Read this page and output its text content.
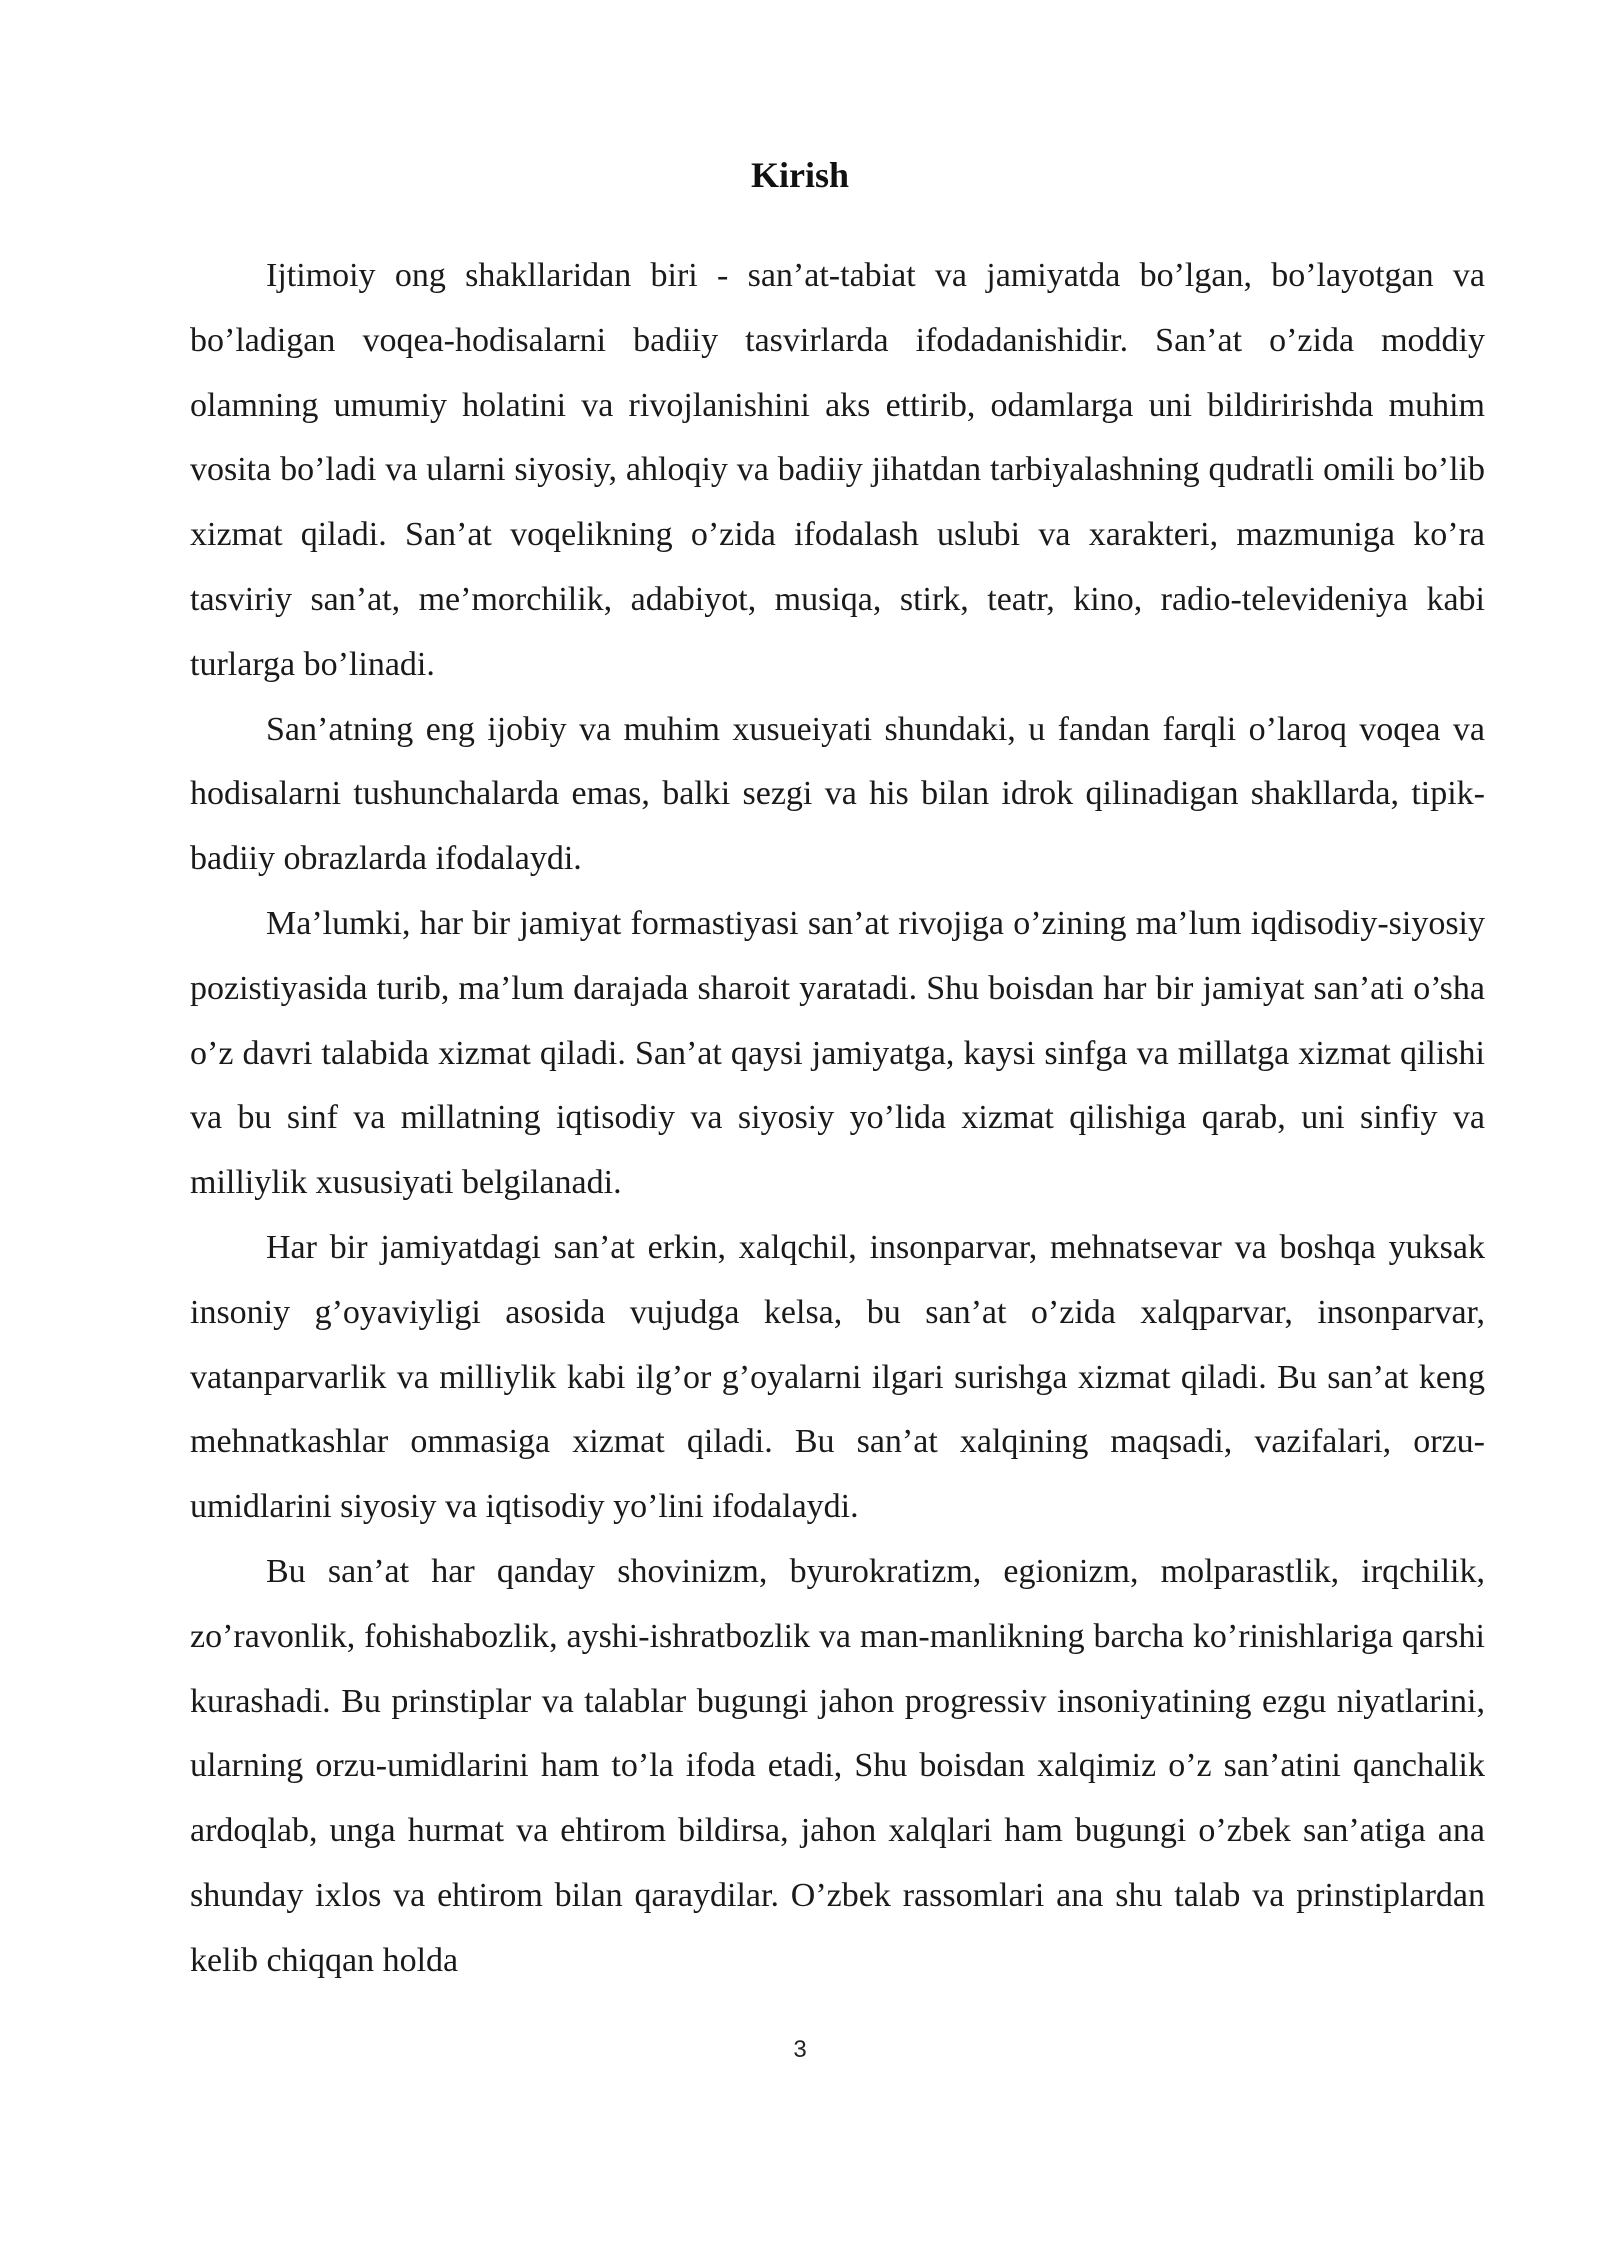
Kirish

Ijtimoiy ong shakllaridan biri - san’at-tabiat va jamiyatda bo’lgan, bo’layotgan va bo’ladigan voqea-hodisalarni badiiy tasvirlarda ifodadanishidir. San’at o’zida moddiy olamning umumiy holatini va rivojlanishini aks ettirib, odamlarga uni bildiririshda muhim vosita bo’ladi va ularni siyosiy, ahloqiy va badiiy jihatdan tarbiyalashning qudratli omili bo’lib xizmat qiladi. San’at voqelikning o’zida ifodalash uslubi va xarakteri, mazmuniga ko’ra tasviriy san’at, me’morchilik, adabiyot, musiqa, stirk, teatr, kino, radio-televideniya kabi turlarga bo’linadi.

San’atning eng ijobiy va muhim xusueiyati shundaki, u fandan farqli o’laroq voqea va hodisalarni tushunchalarda emas, balki sezgi va his bilan idrok qilinadigan shakllarda, tipik-badiiy obrazlarda ifodalaydi.

Ma’lumki, har bir jamiyat formastiyasi san’at rivojiga o’zining ma’lum iqdisodiy-siyosiy pozistiyasida turib, ma’lum darajada sharoit yaratadi. Shu boisdan har bir jamiyat san’ati o’sha o’z davri talabida xizmat qiladi. San’at qaysi jamiyatga, kaysi sinfga va millatga xizmat qilishi va bu sinf va millatning iqtisodiy va siyosiy yo’lida xizmat qilishiga qarab, uni sinfiy va milliylik xususiyati belgilanadi.

Har bir jamiyatdagi san’at erkin, xalqchil, insonparvar, mehnatsevar va boshqa yuksak insoniy g’oyaviyligi asosida vujudga kelsa, bu san’at o’zida xalqparvar, insonparvar, vatanparvarlik va milliylik kabi ilg’or g’oyalarni ilgari surishga xizmat qiladi. Bu san’at keng mehnatkashlar ommasiga xizmat qiladi. Bu san’at xalqining maqsadi, vazifalari, orzu-umidlarini siyosiy va iqtisodiy yo’lini ifodalaydi.

Bu san’at har qanday shovinizm, byurokratizm, egionizm, molparastlik, irqchilik, zo’ravonlik, fohishabozlik, ayshi-ishratbozlik va man-manlikning barcha ko’rinishlariga qarshi kurashadi. Bu prinstiplar va talablar bugungi jahon progressiv insoniyatining ezgu niyatlarini, ularning orzu-umidlarini ham to’la ifoda etadi, Shu boisdan xalqimiz o’z san’atini qanchalik ardoqlab, unga hurmat va ehtirom bildirsa, jahon xalqlari ham bugungi o’zbek san’atiga ana shunday ixlos va ehtirom bilan qaraydilar. O’zbek rassomlari ana shu talab va prinstiplardan kelib chiqqan holda

3
